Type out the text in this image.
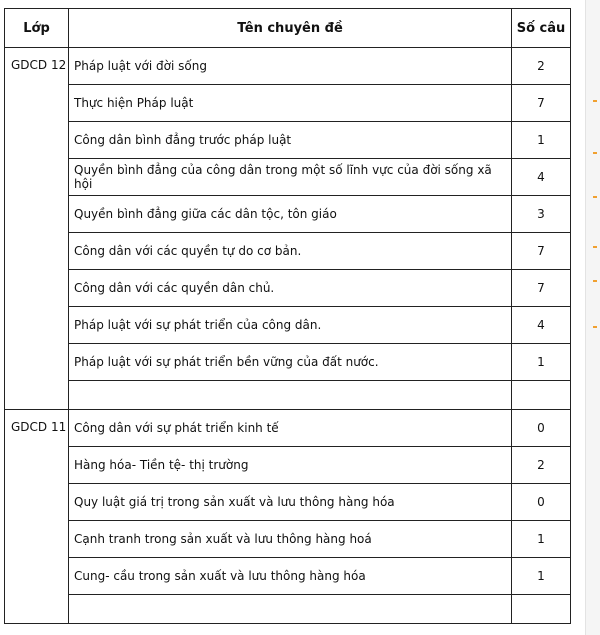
Lớp	Tên chuyên đề	Số câu
GDCD 12	Pháp luật với đời sống	2
	Thực hiện Pháp luật	7
	Công dân bình đẳng trước pháp luật	1
	Quyền bình đẳng của công dân trong một số lĩnh vực của đời sống xã hội	4
	Quyền bình đẳng giữa các dân tộc, tôn giáo	3
	Công dân với các quyền tự do cơ bản.	7
	Công dân với các quyền dân chủ.	7
	Pháp luật với sự phát triển của công dân.	4
	Pháp luật với sự phát triển bền vững của đất nước.	1

GDCD 11	Công dân với sự phát triển kinh tế	0
	Hàng hóa- Tiền tệ- thị trường	2
	Quy luật giá trị trong sản xuất và lưu thông hàng hóa	0
	Cạnh tranh trong sản xuất và lưu thông hàng hoá	1
	Cung- cầu trong sản xuất và lưu thông hàng hóa	1
